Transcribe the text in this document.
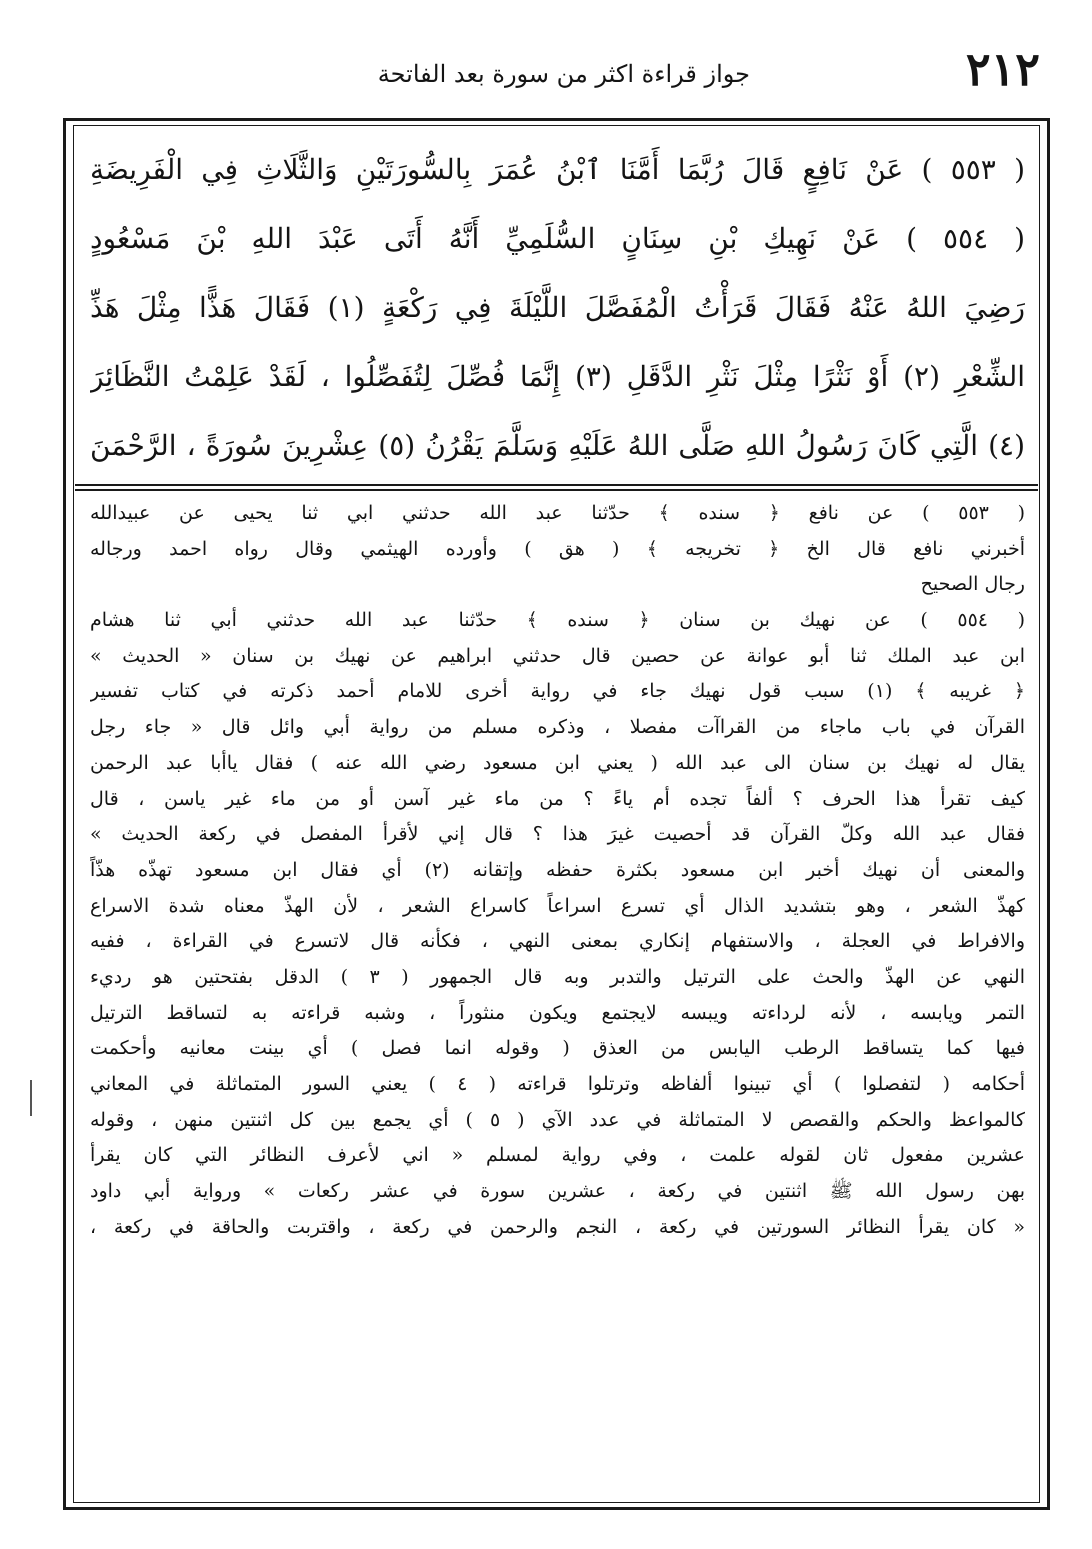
٢١٢
جواز قراءة اكثر من سورة بعد الفاتحة
( ٥٥٣ ) عَنْ نَافِعٍ قَالَ رُبَّمَا أَمَّنَا ٱبْنُ عُمَرَ بِالسُّورَتَيْنِ وَالثَّلَاثِ فِي الْفَرِيضَةِ
( ٥٥٤ ) عَنْ نَهِيكِ بْنِ سِنَانٍ السُّلَمِيِّ أَنَّهُ أَتَى عَبْدَ اللهِ بْنَ مَسْعُودٍ
رَضِيَ اللهُ عَنْهُ فَقَالَ قَرَأْتُ الْمُفَصَّلَ اللَّيْلَةَ فِي رَكْعَةٍ (١) فَقَالَ هَذًّا مِثْلَ هَذِّ
الشِّعْرِ (٢) أَوْ نَثْرًا مِثْلَ نَثْرِ الدَّقَلِ (٣) إِنَّمَا فُصِّلَ لِتُفَصِّلُوا ، لَقَدْ عَلِمْتُ النَّظَائِرَ
(٤) الَّتِي كَانَ رَسُولُ اللهِ صَلَّى اللهُ عَلَيْهِ وَسَلَّمَ يَقْرُنُ (٥) عِشْرِينَ سُورَةً ، الرَّحْمَنَ
( ٥٥٣ ) عن نافع ﴿ سنده ﴾ حدّثنا عبد الله حدثني ابي ثنا يحيى عن عبيدالله
أخبرني نافع قال الخ ﴿ تخريجه ﴾ ( هق ) وأورده الهيثمي وقال رواه احمد ورجاله
رجال الصحيح
( ٥٥٤ ) عن نهيك بن سنان ﴿ سنده ﴾ حدّثنا عبد الله حدثني أبي ثنا هشام
ابن عبد الملك ثنا أبو عوانة عن حصين قال حدثني ابراهيم عن نهيك بن سنان « الحديث »
﴿ غريبه ﴾ (١) سبب قول نهيك جاء في رواية أخرى للامام أحمد ذكرته في كتاب تفسير
القرآن في باب ماجاء من القراآت مفصلا ، وذكره مسلم من رواية أبي وائل قال « جاء رجل
يقال له نهيك بن سنان الى عبد الله ( يعني ابن مسعود رضي الله عنه ) فقال ياأبا عبد الرحمن
كيف تقرأ هذا الحرف ؟ ألفاً تجده أم ياءً ؟ من ماء غير آسن أو من ماء غير ياسن ، قال
فقال عبد الله وكلّ القرآن قد أحصيت غيرَ هذا ؟ قال إني لأقرأ المفصل في ركعة الحديث »
والمعنى أن نهيك أخبر ابن مسعود بكثرة حفظه وإتقانه (٢) أي فقال ابن مسعود تهذّه هذّاً
كهذّ الشعر ، وهو بتشديد الذال أي تسرع اسراعاً كاسراع الشعر ، لأن الهذّ معناه شدة الاسراع
والافراط في العجلة ، والاستفهام إنكاري بمعنى النهي ، فكأنه قال لاتسرع في القراءة ، ففيه
النهي عن الهذّ والحث على الترتيل والتدبر وبه قال الجمهور ( ٣ ) الدقل بفتحتين هو رديء
التمر ويابسه ، لأنه لرداءته ويبسه لايجتمع ويكون منثوراً ، وشبه قراءته به لتساقط الترتيل
فيها كما يتساقط الرطب اليابس من العذق ( وقوله انما فصل ) أي بينت معانيه وأحكمت
أحكامه ( لتفصلوا ) أي تبينوا ألفاظه وترتلوا قراءته ( ٤ ) يعني السور المتماثلة في المعاني
كالمواعظ والحكم والقصص لا المتماثلة في عدد الآي ( ٥ ) أي يجمع بين كل اثنتين منهن ، وقوله
عشرين مفعول ثان لقوله علمت ، وفي رواية لمسلم « اني لأعرف النظائر التي كان يقرأ
بهن رسول الله ﷺ اثنتين في ركعة ، عشرين سورة في عشر ركعات » ورواية أبي داود
« كان يقرأ النظائر السورتين في ركعة ، النجم والرحمن في ركعة ، واقتربت والحاقة في ركعة ،
